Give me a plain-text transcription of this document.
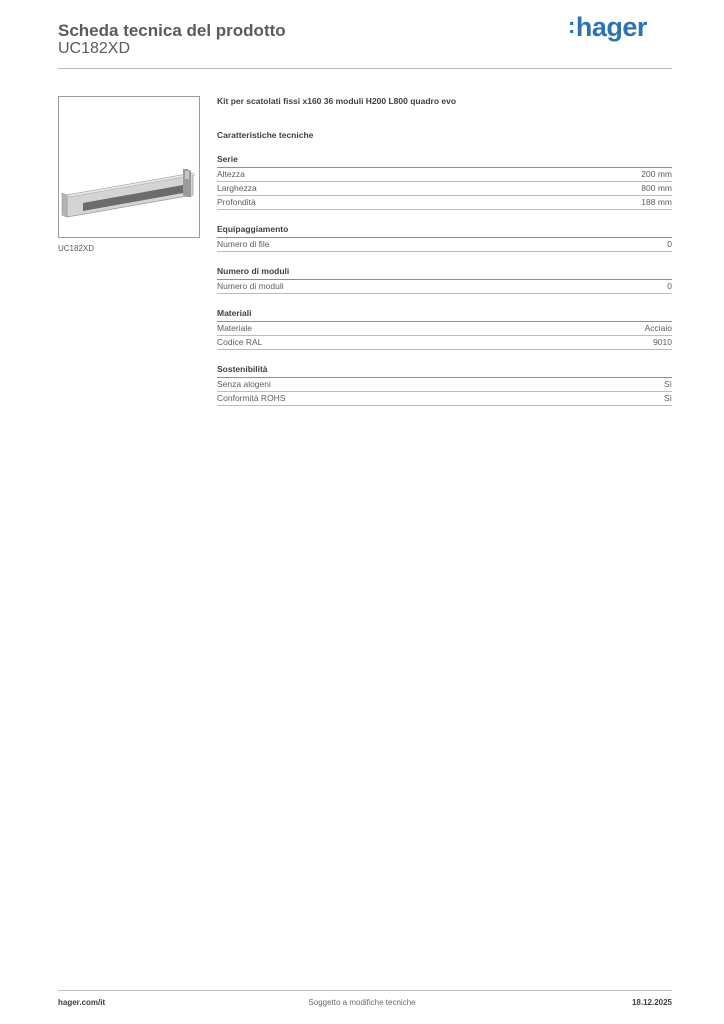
Scheda tecnica del prodotto
UC182XD
:hager
UC182XD
Kit per scatolati fissi x160 36 moduli H200 L800 quadro evo
Caratteristiche tecniche
Serie
Altezza	200 mm
Larghezza	800 mm
Profondità	188 mm
Equipaggiamento
Numero di file	0
Numero di moduli
Numero di moduli	0
Materiali
Materiale	Acciaio
Codice RAL	9010
Sostenibilità
Senza alogeni	Sì
Conformità ROHS	Sì
hager.com/it	Soggetto a modifiche tecniche	18.12.2025
